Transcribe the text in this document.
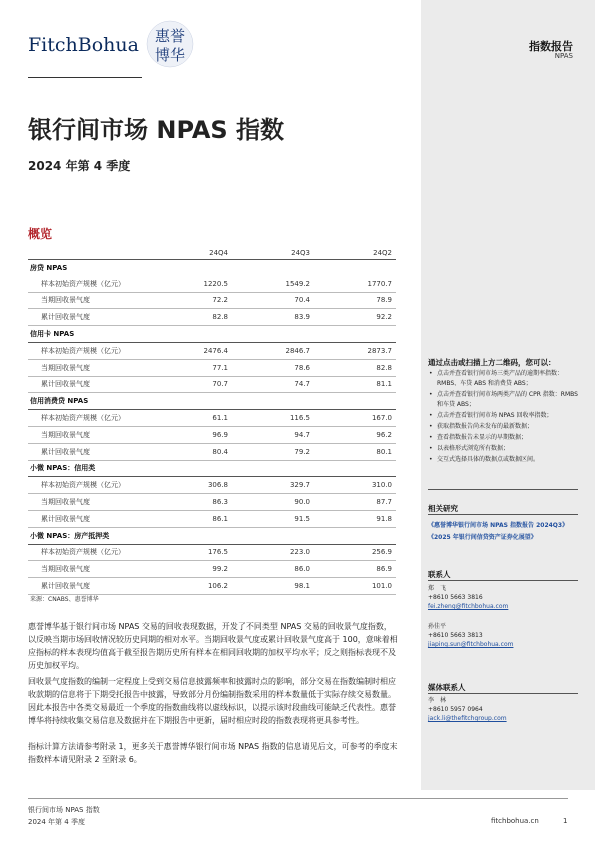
FitchBohua 惠誉
博华	指数报告
NPAS
银行间市场 NPAS 指数
2024 年第 4 季度
概览
	24Q4	24Q3	24Q2
房贷 NPAS			
样本初始资产规模（亿元）	1220.5	1549.2	1770.7
当期回收景气度	72.2	70.4	78.9
累计回收景气度	82.8	83.9	92.2
信用卡 NPAS			
样本初始资产规模（亿元）	2476.4	2846.7	2873.7
当期回收景气度	77.1	78.6	82.8
累计回收景气度	70.7	74.7	81.1
信用消费贷 NPAS			
样本初始资产规模（亿元）	61.1	116.5	167.0
当期回收景气度	96.9	94.7	96.2
累计回收景气度	80.4	79.2	80.1
小微 NPAS：信用类			
样本初始资产规模（亿元）	306.8	329.7	310.0
当期回收景气度	86.3	90.0	87.7
累计回收景气度	86.1	91.5	91.8
小微 NPAS：房产抵押类			
样本初始资产规模（亿元）	176.5	223.0	256.9
当期回收景气度	99.2	86.0	86.9
累计回收景气度	106.2	98.1	101.0
来源：CNABS、惠誉博华
惠誉博华基于银行间市场 NPAS 交易的回收表现数据，开发了不同类型 NPAS 交易的回收景气度指数，以反映当期市场回收情况较历史同期的相对水平。当期回收景气度或累计回收景气度高于 100，意味着相应指标的样本表现均值高于截至报告期历史所有样本在相同回收期的加权平均水平；反之则指标表现不及历史加权平均。
回收景气度指数的编制一定程度上受到交易信息披露频率和披露时点的影响，部分交易在指数编制时相应收款期的信息将于下期受托报告中披露，导致部分月份编制指数采用的样本数量低于实际存续交易数量。因此本报告中各类交易最近一个季度的指数曲线将以虚线标识，以提示该时段曲线可能缺乏代表性。惠誉博华将持续收集交易信息及数据并在下期报告中更新，届时相应时段的指数表现将更具参考性。
指标计算方法请参考附录 1，更多关于惠誉博华银行间市场 NPAS 指数的信息请见后文，可参考的季度末指数样本请见附录 2 至附录 6。
通过点击或扫描上方二维码，您可以：
• 点击并查看银行间市场三类产品的逾期率指数：RMBS、车贷 ABS 和消费贷 ABS；
• 点击并查看银行间市场两类产品的 CPR 指数：RMBS 和车贷 ABS；
• 点击并查看银行间市场 NPAS 回收率指数；
• 获取指数报告尚未发布的最新数据；
• 查看指数报告未显示的早期数据；
• 以表格形式浏览所有数据；
• 交互式选择具体的数据点或数据区间。
相关研究
《惠誉博华银行间市场 NPAS 指数报告 2024Q3》
《2025 年银行间信贷资产证券化展望》
联系人
郑　飞
+8610 5663 3816
fei.zheng@fitchbohua.com
孙佳平
+8610 5663 3813
jiaping.sun@fitchbohua.com
媒体联系人
李　林
+8610 5957 0964
jack.li@thefitchgroup.com
银行间市场 NPAS 指数
2024 年第 4 季度	fitchbohua.cn	1
